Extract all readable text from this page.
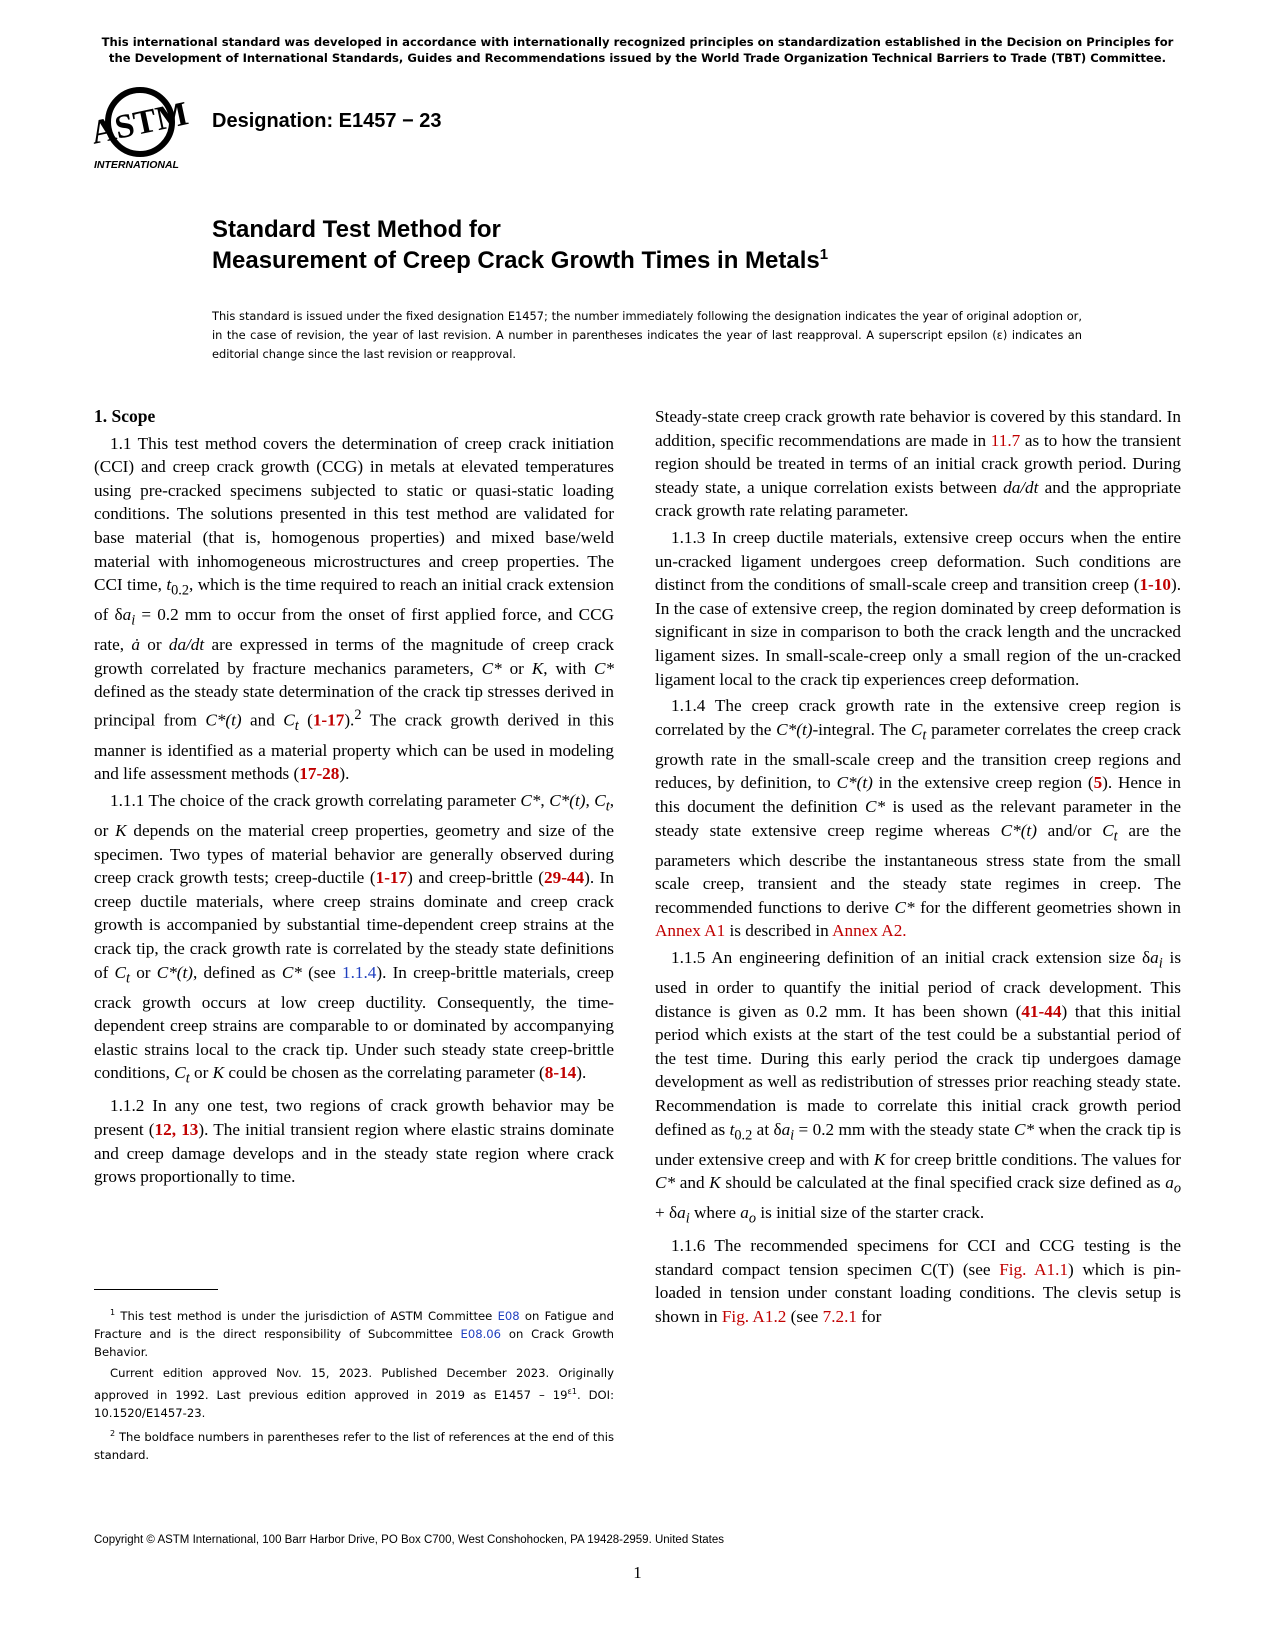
This international standard was developed in accordance with internationally recognized principles on standardization established in the Decision on Principles for the Development of International Standards, Guides and Recommendations issued by the World Trade Organization Technical Barriers to Trade (TBT) Committee.
ASTM
INTERNATIONAL
Designation: E1457 − 23
Standard Test Method for
Measurement of Creep Crack Growth Times in Metals$^1$
This standard is issued under the fixed designation E1457; the number immediately following the designation indicates the year of original adoption or, in the case of revision, the year of last revision. A number in parentheses indicates the year of last reapproval. A superscript epsilon (ε) indicates an editorial change since the last revision or reapproval.
1. Scope

1.1 This test method covers the determination of creep crack initiation (CCI) and creep crack growth (CCG) in metals at elevated temperatures using pre-cracked specimens subjected to static or quasi-static loading conditions. The solutions presented in this test method are validated for base material (that is, homogenous properties) and mixed base/weld material with inhomogeneous microstructures and creep properties. The CCI time, $t_{0.2}$, which is the time required to reach an initial crack extension of $\delta a_i = 0.2$ mm to occur from the onset of first applied force, and CCG rate, ȧ or da/dt are expressed in terms of the magnitude of creep crack growth correlated by fracture mechanics parameters, C* or K, with C* defined as the steady state determination of the crack tip stresses derived in principal from C*(t) and $C_t$ (1-17).$^2$ The crack growth derived in this manner is identified as a material property which can be used in modeling and life assessment methods (17-28).

1.1.1 The choice of the crack growth correlating parameter C*, C*(t), $C_t$, or K depends on the material creep properties, geometry and size of the specimen. Two types of material behavior are generally observed during creep crack growth tests; creep-ductile (1-17) and creep-brittle (29-44). In creep ductile materials, where creep strains dominate and creep crack growth is accompanied by substantial time-dependent creep strains at the crack tip, the crack growth rate is correlated by the steady state definitions of $C_t$ or C*(t), defined as C* (see 1.1.4). In creep-brittle materials, creep crack growth occurs at low creep ductility. Consequently, the time-dependent creep strains are comparable to or dominated by accompanying elastic strains local to the crack tip. Under such steady state creep-brittle conditions, $C_t$ or K could be chosen as the correlating parameter (8-14).

1.1.2 In any one test, two regions of crack growth behavior may be present (12, 13). The initial transient region where elastic strains dominate and creep damage develops and in the steady state region where crack grows proportionally to time.

Steady-state creep crack growth rate behavior is covered by this standard. In addition, specific recommendations are made in 11.7 as to how the transient region should be treated in terms of an initial crack growth period. During steady state, a unique correlation exists between da/dt and the appropriate crack growth rate relating parameter.

1.1.3 In creep ductile materials, extensive creep occurs when the entire un-cracked ligament undergoes creep deformation. Such conditions are distinct from the conditions of small-scale creep and transition creep (1-10). In the case of extensive creep, the region dominated by creep deformation is significant in size in comparison to both the crack length and the uncracked ligament sizes. In small-scale-creep only a small region of the un-cracked ligament local to the crack tip experiences creep deformation.

1.1.4 The creep crack growth rate in the extensive creep region is correlated by the C*(t)-integral. The $C_t$ parameter correlates the creep crack growth rate in the small-scale creep and the transition creep regions and reduces, by definition, to C*(t) in the extensive creep region (5). Hence in this document the definition C* is used as the relevant parameter in the steady state extensive creep regime whereas C*(t) and/or $C_t$ are the parameters which describe the instantaneous stress state from the small scale creep, transient and the steady state regimes in creep. The recommended functions to derive C* for the different geometries shown in Annex A1 is described in Annex A2.

1.1.5 An engineering definition of an initial crack extension size $\delta a_i$ is used in order to quantify the initial period of crack development. This distance is given as 0.2 mm. It has been shown (41-44) that this initial period which exists at the start of the test could be a substantial period of the test time. During this early period the crack tip undergoes damage development as well as redistribution of stresses prior reaching steady state. Recommendation is made to correlate this initial crack growth period defined as $t_{0.2}$ at $\delta a_i = 0.2$ mm with the steady state C* when the crack tip is under extensive creep and with K for creep brittle conditions. The values for C* and K should be calculated at the final specified crack size defined as $a_o + \delta a_i$ where $a_o$ is initial size of the starter crack.

1.1.6 The recommended specimens for CCI and CCG testing is the standard compact tension specimen C(T) (see Fig. A1.1) which is pin-loaded in tension under constant loading conditions. The clevis setup is shown in Fig. A1.2 (see 7.2.1 for

$^1$ This test method is under the jurisdiction of ASTM Committee E08 on Fatigue and Fracture and is the direct responsibility of Subcommittee E08.06 on Crack Growth Behavior.

Current edition approved Nov. 15, 2023. Published December 2023. Originally approved in 1992. Last previous edition approved in 2019 as $E1457 - 19^{\varepsilon 1}$. DOI: 10.1520/E1457-23.

$^2$ The boldface numbers in parentheses refer to the list of references at the end of this standard.

Copyright © ASTM International, 100 Barr Harbor Drive, PO Box C700, West Conshohocken, PA 19428-2959. United States
1
